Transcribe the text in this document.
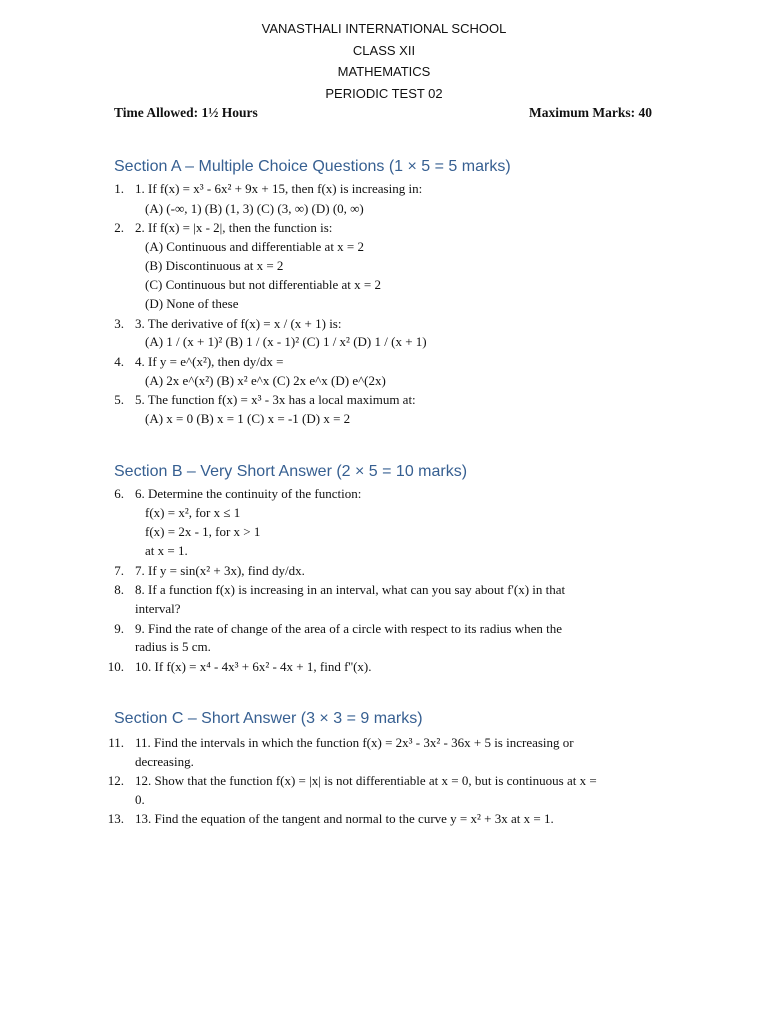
VANASTHALI INTERNATIONAL SCHOOL
CLASS XII
MATHEMATICS
PERIODIC TEST 02
Time Allowed: 1½ Hours	Maximum Marks: 40
Section A – Multiple Choice Questions (1 × 5 = 5 marks)
1. 1. If f(x) = x³ - 6x² + 9x + 15, then f(x) is increasing in:
(A) (-∞, 1) (B) (1, 3) (C) (3, ∞) (D) (0, ∞)
2. 2. If f(x) = |x - 2|, then the function is:
(A) Continuous and differentiable at x = 2
(B) Discontinuous at x = 2
(C) Continuous but not differentiable at x = 2
(D) None of these
3. 3. The derivative of f(x) = x / (x + 1) is:
(A) 1 / (x + 1)² (B) 1 / (x - 1)² (C) 1 / x² (D) 1 / (x + 1)
4. 4. If y = e^(x²), then dy/dx =
(A) 2x e^(x²) (B) x² e^x (C) 2x e^x (D) e^(2x)
5. 5. The function f(x) = x³ - 3x has a local maximum at:
(A) x = 0 (B) x = 1 (C) x = -1 (D) x = 2
Section B – Very Short Answer (2 × 5 = 10 marks)
6. 6. Determine the continuity of the function:
f(x) = x², for x ≤ 1
f(x) = 2x - 1, for x > 1
at x = 1.
7. 7. If y = sin(x² + 3x), find dy/dx.
8. 8. If a function f(x) is increasing in an interval, what can you say about f'(x) in that
interval?
9. 9. Find the rate of change of the area of a circle with respect to its radius when the
radius is 5 cm.
10. 10. If f(x) = x⁴ - 4x³ + 6x² - 4x + 1, find f''(x).
Section C – Short Answer (3 × 3 = 9 marks)
11. 11. Find the intervals in which the function f(x) = 2x³ - 3x² - 36x + 5 is increasing or
decreasing.
12. 12. Show that the function f(x) = |x| is not differentiable at x = 0, but is continuous at x =
0.
13. 13. Find the equation of the tangent and normal to the curve y = x² + 3x at x = 1.
